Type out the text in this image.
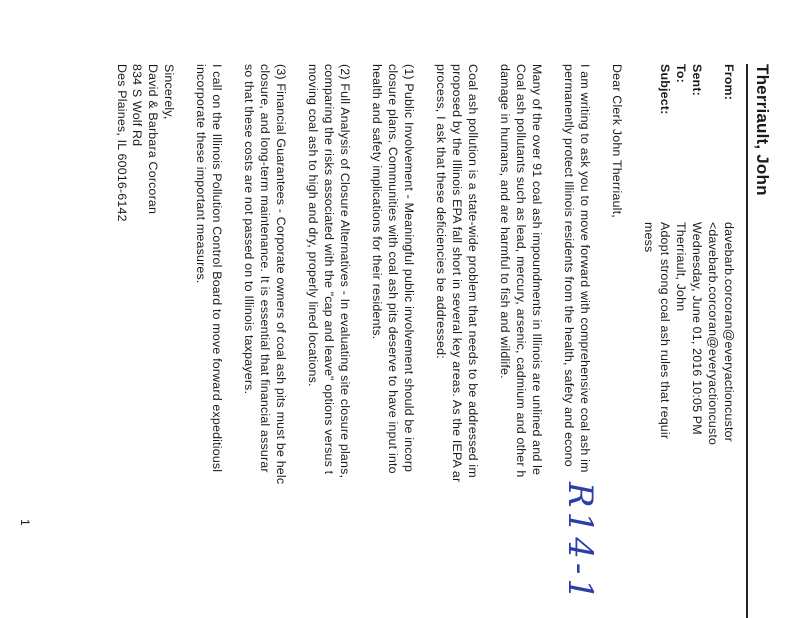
Therriault, John
From:
davebarb.corcoran@everyactioncustor
<davebarb.corcoran@everyactioncusto
Sent:
Wednesday, June 01, 2016 10:05 PM
To:
Therriault, John
Subject:
Adopt strong coal ash rules that requir
mess
Dear Clerk John Therriault,
I am writing to ask you to move forward with comprehensive coal ash im
permanently protect Illinois residents from the health, safety and econo
Many of the over 91 coal ash impoundments in Illinois are unlined and le
Coal ash pollutants such as lead, mercury, arsenic, cadmium and other h
damage in humans, and are harmful to fish and wildlife.
Coal ash pollution is a state-wide problem that needs to be addressed im
proposed by the Illinois EPA fall short in several key areas. As the IEPA ar
process, I ask that these deficiencies be addressed:
(1) Public Involvement - Meaningful public involvement should be incorp
closure plans. Communities with coal ash pits deserve to have input into
health and safety implications for their residents.
(2) Full Analysis of Closure Alternatives - In evaluating site closure plans,
comparing the risks associated with the "cap and leave" options versus t
moving coal ash to high and dry, properly lined locations.
(3) Financial Guarantees - Corporate owners of coal ash pits must be helc
closure, and long-term maintenance. It is essential that financial assurar
so that these costs are not passed on to Illinois taxpayers.
I call on the Illinois Pollution Control Board to move forward expeditiousl
incorporate these important measures.
Sincerely,
David & Barbara Corcoran
834 S Wolf Rd
Des Plaines, IL 60016-6142
1	R14-1
